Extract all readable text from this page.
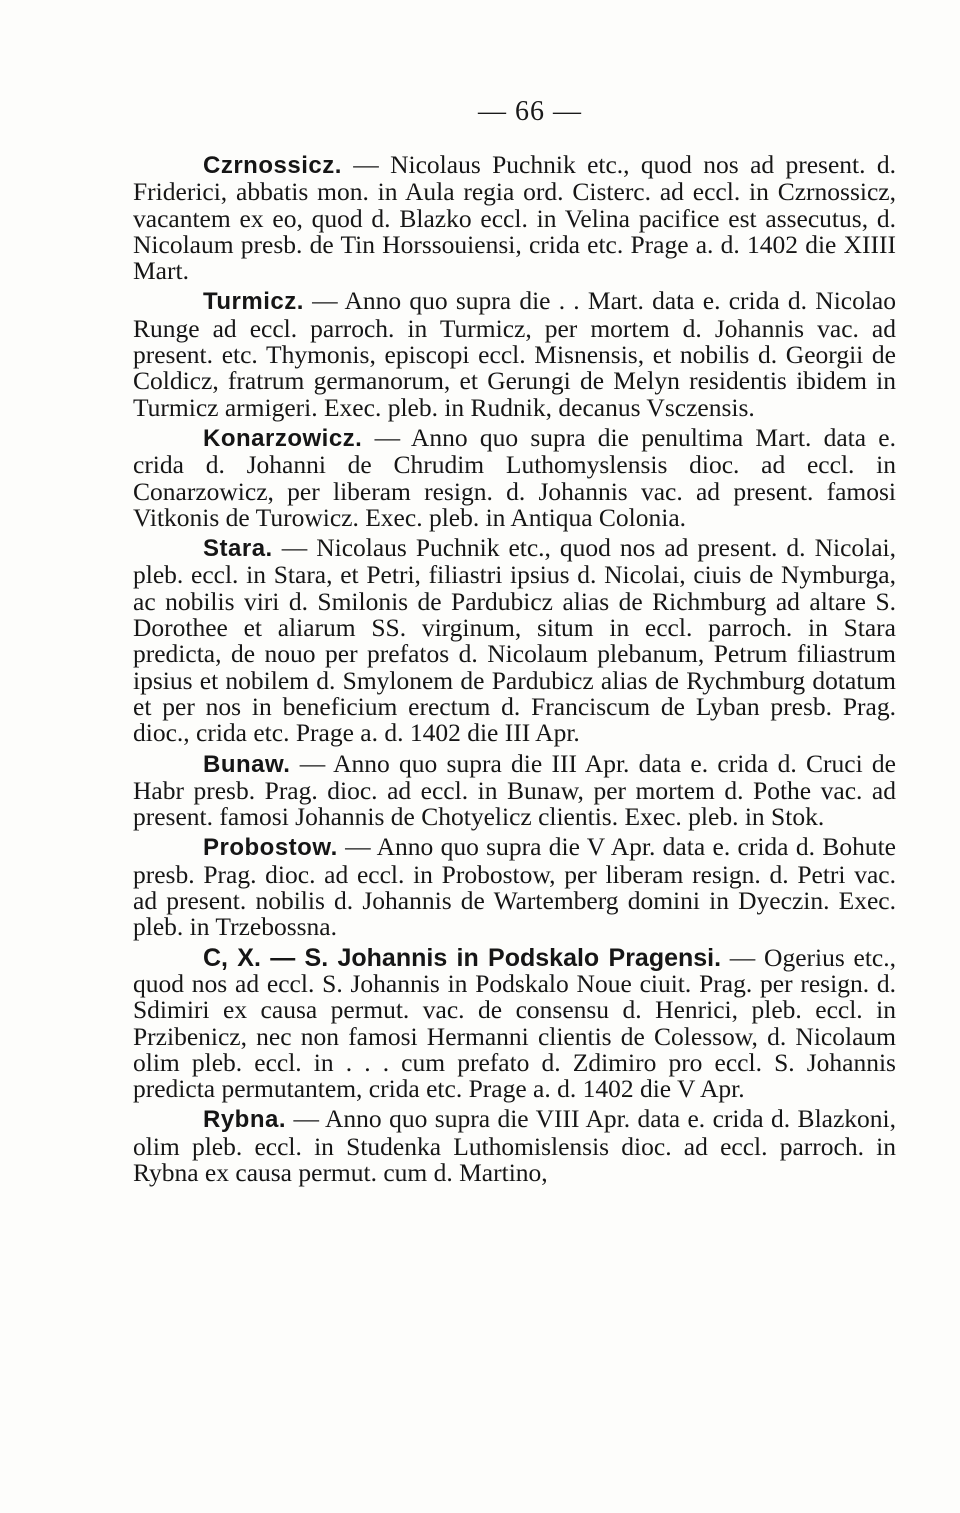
— 66 —

Czrnossicz. — Nicolaus Puchnik etc., quod nos ad present. d. Friderici, abbatis mon. in Aula regia ord. Cisterc. ad eccl. in Czrnossicz, vacantem ex eo, quod d. Blazko eccl. in Velina pacifice est assecutus, d. Nicolaum presb. de Tin Horssouiensi, crida etc. Prage a. d. 1402 die XIIII Mart.

Turmicz. — Anno quo supra die . . Mart. data e. crida d. Nicolao Runge ad eccl. parroch. in Turmicz, per mortem d. Johannis vac. ad present. etc. Thymonis, episcopi eccl. Misnensis, et nobilis d. Georgii de Coldicz, fratrum germanorum, et Gerungi de Melyn residentis ibidem in Turmicz armigeri. Exec. pleb. in Rudnik, decanus Vsczensis.

Konarzowicz. — Anno quo supra die penultima Mart. data e. crida d. Johanni de Chrudim Luthomyslensis dioc. ad eccl. in Conarzowicz, per liberam resign. d. Johannis vac. ad present. famosi Vitkonis de Turowicz. Exec. pleb. in Antiqua Colonia.

Stara. — Nicolaus Puchnik etc., quod nos ad present. d. Nicolai, pleb. eccl. in Stara, et Petri, filiastri ipsius d. Nicolai, ciuis de Nymburga, ac nobilis viri d. Smilonis de Pardubicz alias de Richmburg ad altare S. Dorothee et aliarum SS. virginum, situm in eccl. parroch. in Stara predicta, de nouo per prefatos d. Nicolaum plebanum, Petrum filiastrum ipsius et nobilem d. Smylonem de Pardubicz alias de Rychmburg dotatum et per nos in beneficium erectum d. Franciscum de Lyban presb. Prag. dioc., crida etc. Prage a. d. 1402 die III Apr.

Bunaw. — Anno quo supra die III Apr. data e. crida d. Cruci de Habr presb. Prag. dioc. ad eccl. in Bunaw, per mortem d. Pothe vac. ad present. famosi Johannis de Chotyelicz clientis. Exec. pleb. in Stok.

Probostow. — Anno quo supra die V Apr. data e. crida d. Bohute presb. Prag. dioc. ad eccl. in Probostow, per liberam resign. d. Petri vac. ad present. nobilis d. Johannis de Wartemberg domini in Dyeczin. Exec. pleb. in Trzebossna.

C, X. — S. Johannis in Podskalo Pragensi. — Ogerius etc., quod nos ad eccl. S. Johannis in Podskalo Noue ciuit. Prag. per resign. d. Sdimiri ex causa permut. vac. de consensu d. Henrici, pleb. eccl. in Przibenicz, nec non famosi Hermanni clientis de Colessow, d. Nicolaum olim pleb. eccl. in . . . cum prefato d. Zdimiro pro eccl. S. Johannis predicta permutantem, crida etc. Prage a. d. 1402 die V Apr.

Rybna. — Anno quo supra die VIII Apr. data e. crida d. Blazkoni, olim pleb. eccl. in Studenka Luthomislensis dioc. ad eccl. parroch. in Rybna ex causa permut. cum d. Martino,
